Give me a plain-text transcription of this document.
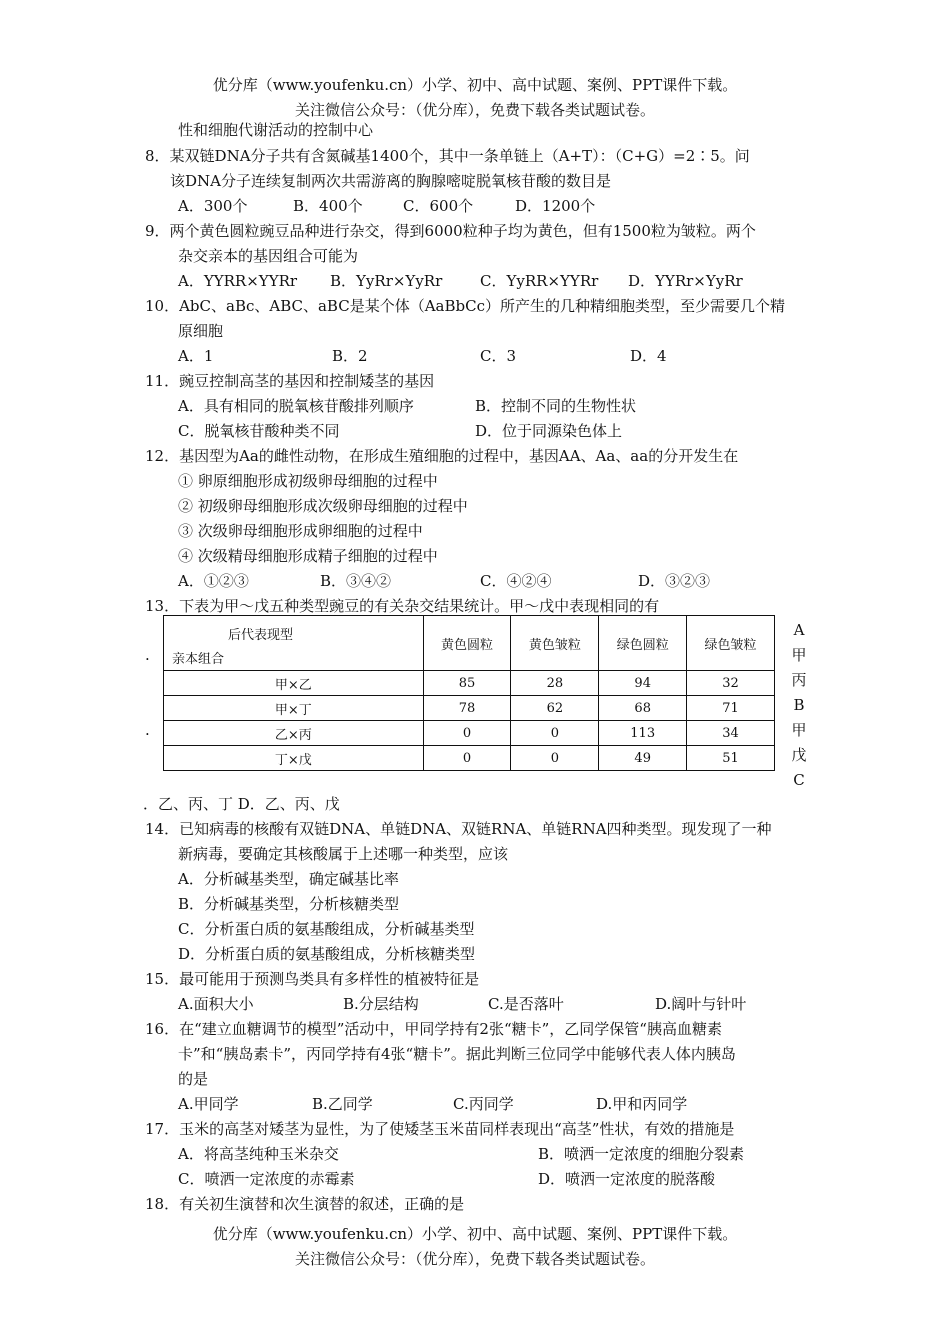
优分库（www.youfenku.cn）小学、初中、高中试题、案例、PPT课件下载。
关注微信公众号：（优分库），免费下载各类试题试卷。
性和细胞代谢活动的控制中心
8．某双链DNA分子共有含氮碱基1400个，其中一条单链上（A+T）：（C+G）=2∶5。问
该DNA分子连续复制两次共需游离的胸腺嘧啶脱氧核苷酸的数目是
A．300个	B．400个	C．600个	D．1200个
9．两个黄色圆粒豌豆品种进行杂交，得到6000粒种子均为黄色，但有1500粒为皱粒。两个
杂交亲本的基因组合可能为
A．YYRR×YYRr B．YyRr×YyRr	C．YyRR×YYRr D．YYRr×YyRr
10．AbC、aBc、ABC、aBC是某个体（AaBbCc）所产生的几种精细胞类型，至少需要几个精
原细胞
A．1	B．2	C．3	D．4
11．豌豆控制高茎的基因和控制矮茎的基因
A．具有相同的脱氧核苷酸排列顺序	B．控制不同的生物性状
C．脱氧核苷酸种类不同	D．位于同源染色体上
12．基因型为Aa的雌性动物，在形成生殖细胞的过程中，基因AA、Aa、aa的分开发生在
① 卵原细胞形成初级卵母细胞的过程中
② 初级卵母细胞形成次级卵母细胞的过程中
③ 次级卵母细胞形成卵细胞的过程中
④ 次级精母细胞形成精子细胞的过程中
A．①②③	B．③④②	C．④②④	D．③②③
13．下表为甲～戊五种类型豌豆的有关杂交结果统计。甲～戊中表现相同的有
后代表现型
亲本组合	黄色圆粒	黄色皱粒	绿色圆粒	绿色皱粒
甲×乙	85	28	94	32
甲×丁	78	62	68	71
乙×丙	0	0	113	34
丁×戊	0	0	49	51
.
.
A
甲
丙
B
甲
戊
C
．乙、丙、丁 D．乙、丙、戊
14．已知病毒的核酸有双链DNA、单链DNA、双链RNA、单链RNA四种类型。现发现了一种
新病毒，要确定其核酸属于上述哪一种类型，应该
A．分析碱基类型，确定碱基比率
B．分析碱基类型，分析核糖类型
C．分析蛋白质的氨基酸组成，分析碱基类型
D．分析蛋白质的氨基酸组成，分析核糖类型
15．最可能用于预测鸟类具有多样性的植被特征是
A.面积大小	B.分层结构	C.是否落叶	D.阔叶与针叶
16．在“建立血糖调节的模型”活动中，甲同学持有2张“糖卡”，乙同学保管“胰高血糖素
卡”和“胰岛素卡”，丙同学持有4张“糖卡”。据此判断三位同学中能够代表人体内胰岛
的是
A.甲同学	B.乙同学	C.丙同学	D.甲和丙同学
17．玉米的高茎对矮茎为显性，为了使矮茎玉米苗同样表现出“高茎”性状，有效的措施是
A．将高茎纯种玉米杂交	B．喷洒一定浓度的细胞分裂素
C．喷洒一定浓度的赤霉素	D．喷洒一定浓度的脱落酸
18．有关初生演替和次生演替的叙述，正确的是
优分库（www.youfenku.cn）小学、初中、高中试题、案例、PPT课件下载。
关注微信公众号：（优分库），免费下载各类试题试卷。
